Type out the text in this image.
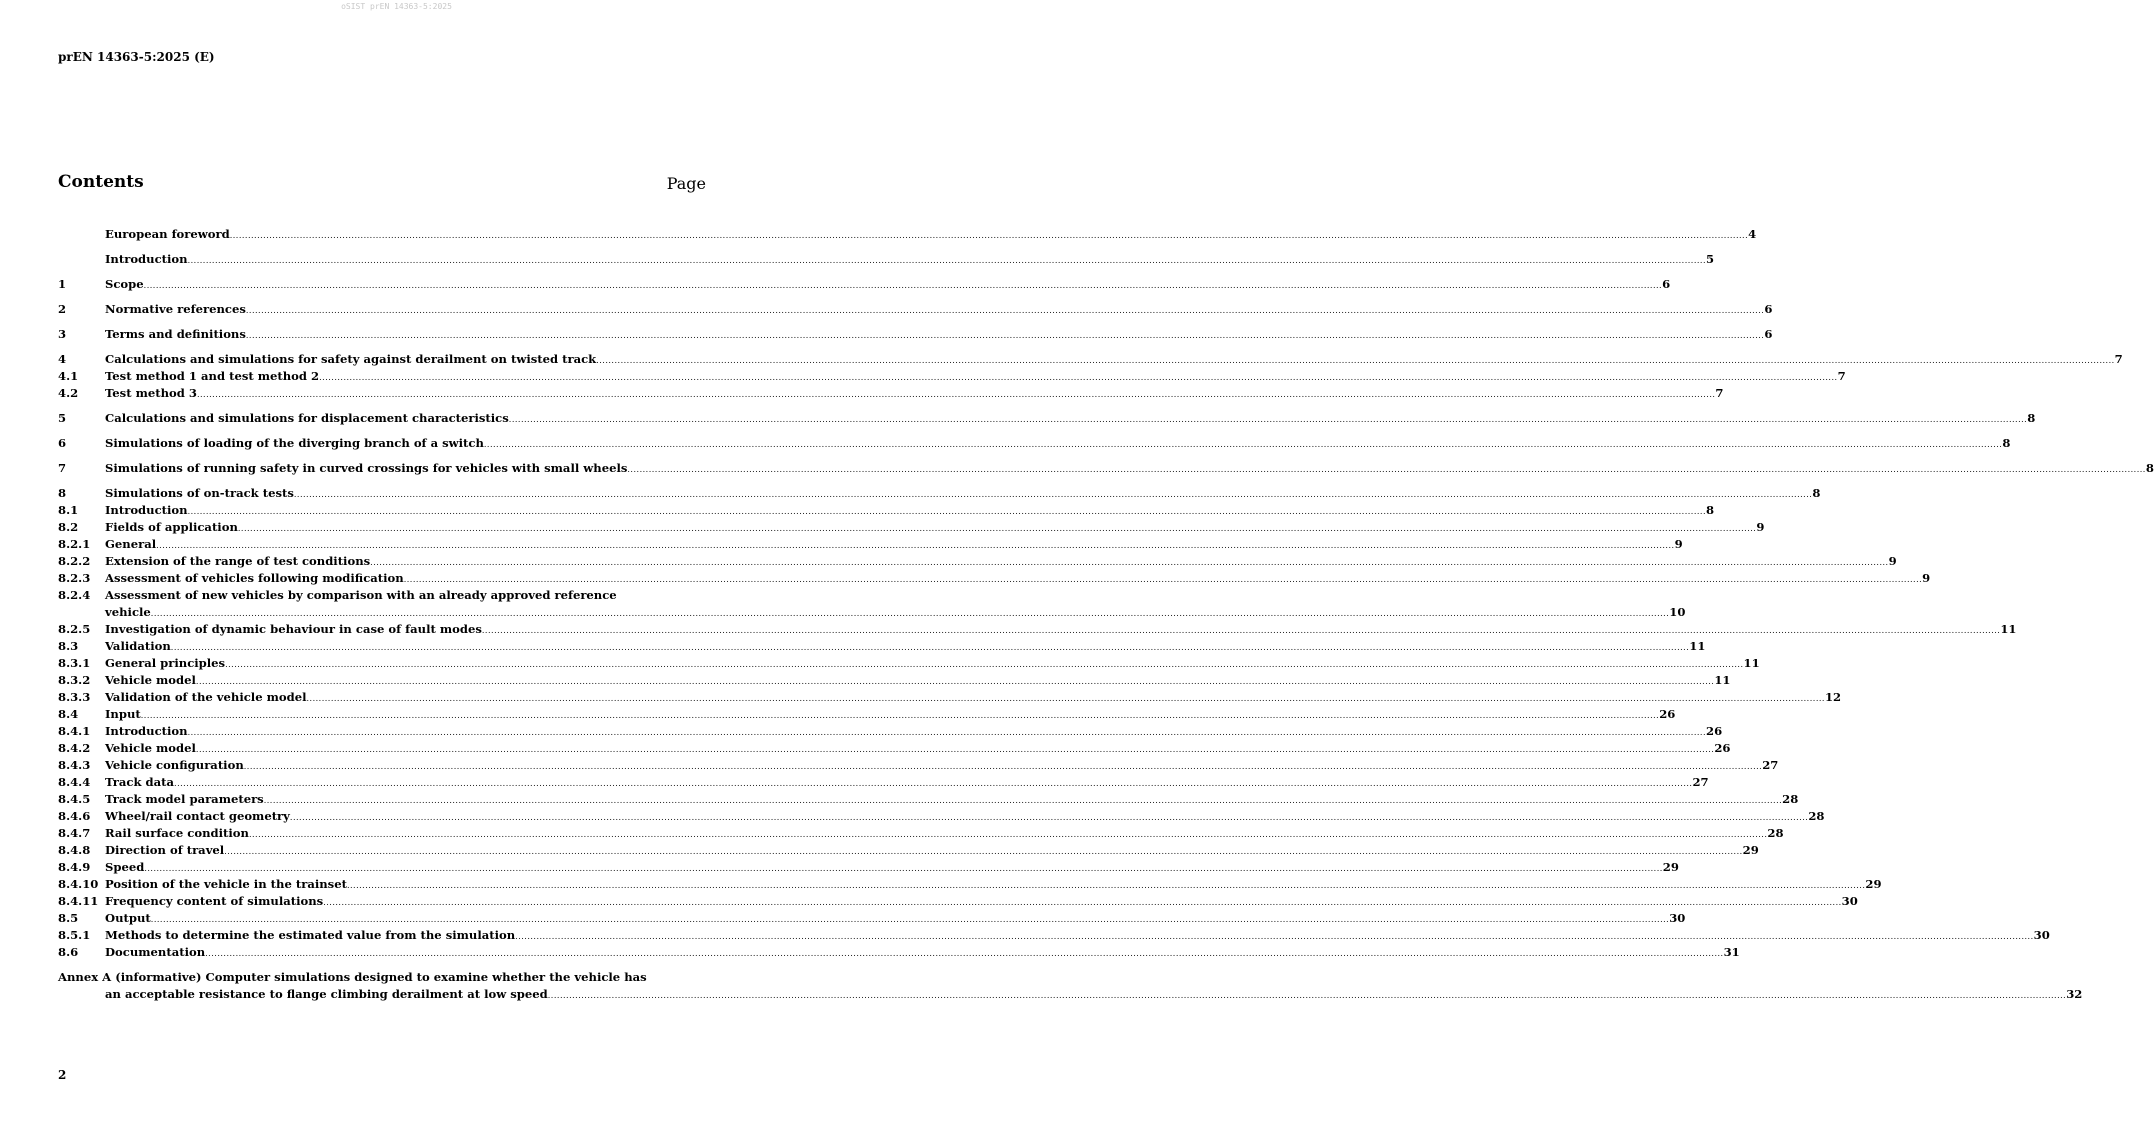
oSIST prEN 14363-5:2025
prEN 14363-5:2025 (E)
Contents	Page
European foreword .....	4
Introduction .....	5
1	Scope .....	6
2	Normative references .....	6
3	Terms and definitions .....	6
4	Calculations and simulations for safety against derailment on twisted track .....	7
4.1	Test method 1 and test method 2 .....	7
4.2	Test method 3 .....	7
5	Calculations and simulations for displacement characteristics .....	8
6	Simulations of loading of the diverging branch of a switch .....	8
7	Simulations of running safety in curved crossings for vehicles with small wheels .....	8
8	Simulations of on-track tests .....	8
8.1	Introduction .....	8
8.2	Fields of application .....	9
8.2.1	General .....	9
8.2.2	Extension of the range of test conditions .....	9
8.2.3	Assessment of vehicles following modification .....	9
8.2.4	Assessment of new vehicles by comparison with an already approved reference
vehicle .....	10
8.2.5	Investigation of dynamic behaviour in case of fault modes .....	11
8.3	Validation .....	11
8.3.1	General principles .....	11
8.3.2	Vehicle model .....	11
8.3.3	Validation of the vehicle model .....	12
8.4	Input .....	26
8.4.1	Introduction .....	26
8.4.2	Vehicle model .....	26
8.4.3	Vehicle configuration .....	27
8.4.4	Track data .....	27
8.4.5	Track model parameters .....	28
8.4.6	Wheel/rail contact geometry .....	28
8.4.7	Rail surface condition .....	28
8.4.8	Direction of travel .....	29
8.4.9	Speed .....	29
8.4.10 Position of the vehicle in the trainset .....	29
8.4.11 Frequency content of simulations .....	30
8.5	Output .....	30
8.5.1	Methods to determine the estimated value from the simulation .....	30
8.6	Documentation .....	31
Annex A (informative) Computer simulations designed to examine whether the vehicle has
an acceptable resistance to flange climbing derailment at low speed .....	32
2
